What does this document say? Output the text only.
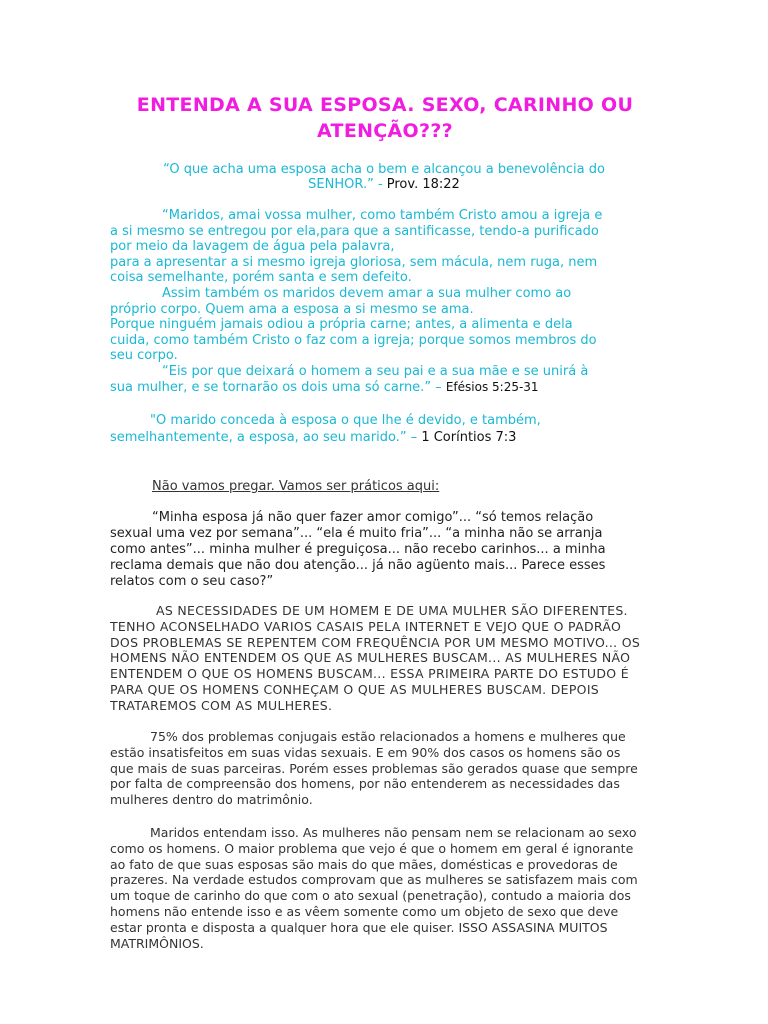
ENTENDA A SUA ESPOSA. SEXO, CARINHO OU
ATENÇÃO???
“O que acha uma esposa acha o bem e alcançou a benevolência do
SENHOR.” - Prov. 18:22
“Maridos, amai vossa mulher, como também Cristo amou a igreja e
a si mesmo se entregou por ela,para que a santificasse, tendo-a purificado
por meio da lavagem de água pela palavra,
para a apresentar a si mesmo igreja gloriosa, sem mácula, nem ruga, nem
coisa semelhante, porém santa e sem defeito.
Assim também os maridos devem amar a sua mulher como ao
próprio corpo. Quem ama a esposa a si mesmo se ama.
Porque ninguém jamais odiou a própria carne; antes, a alimenta e dela
cuida, como também Cristo o faz com a igreja; porque somos membros do
seu corpo.
“Eis por que deixará o homem a seu pai e a sua mãe e se unirá à
sua mulher, e se tornarão os dois uma só carne.” – Efésios 5:25-31
"O marido conceda à esposa o que lhe é devido, e também,
semelhantemente, a esposa, ao seu marido.” – 1 Coríntios 7:3
Não vamos pregar. Vamos ser práticos aqui:
“Minha esposa já não quer fazer amor comigo”... “só temos relação
sexual uma vez por semana”... “ela é muito fria”... “a minha não se arranja
como antes”... minha mulher é preguiçosa... não recebo carinhos... a minha
reclama demais que não dou atenção... já não agüento mais... Parece esses
relatos com o seu caso?”
AS NECESSIDADES DE UM HOMEM E DE UMA MULHER SÃO DIFERENTES.
TENHO ACONSELHADO VARIOS CASAIS PELA INTERNET E VEJO QUE O PADRÃO
DOS PROBLEMAS SE REPENTEM COM FREQUÊNCIA POR UM MESMO MOTIVO... OS
HOMENS NÃO ENTENDEM OS QUE AS MULHERES BUSCAM... AS MULHERES NÃO
ENTENDEM O QUE OS HOMENS BUSCAM... ESSA PRIMEIRA PARTE DO ESTUDO É
PARA QUE OS HOMENS CONHEÇAM O QUE AS MULHERES BUSCAM. DEPOIS
TRATAREMOS COM AS MULHERES.
75% dos problemas conjugais estão relacionados a homens e mulheres que
estão insatisfeitos em suas vidas sexuais. E em 90% dos casos os homens são os
que mais de suas parceiras. Porém esses problemas são gerados quase que sempre
por falta de compreensão dos homens, por não entenderem as necessidades das
mulheres dentro do matrimônio.
Maridos entendam isso. As mulheres não pensam nem se relacionam ao sexo
como os homens. O maior problema que vejo é que o homem em geral é ignorante
ao fato de que suas esposas são mais do que mães, domésticas e provedoras de
prazeres. Na verdade estudos comprovam que as mulheres se satisfazem mais com
um toque de carinho do que com o ato sexual (penetração), contudo a maioria dos
homens não entende isso e as vêem somente como um objeto de sexo que deve
estar pronta e disposta a qualquer hora que ele quiser. ISSO ASSASINA MUITOS
MATRIMÔNIOS.
